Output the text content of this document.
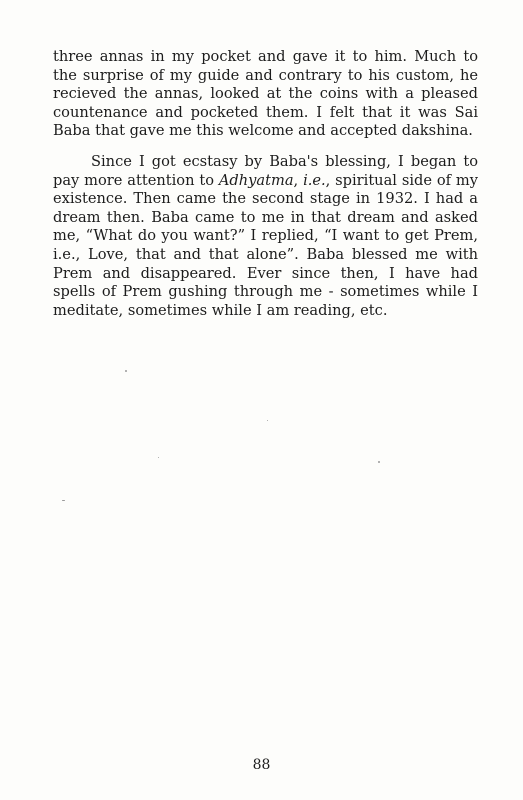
three annas in my pocket and gave it to him. Much to the surprise of my guide and contrary to his custom, he recieved the annas, looked at the coins with a pleased countenance and pocketed them. I felt that it was Sai Baba that gave me this welcome and accepted dakshina.

Since I got ecstasy by Baba's blessing, I began to pay more attention to Adhyatma, i.e., spiritual side of my existence. Then came the second stage in 1932. I had a dream then. Baba came to me in that dream and asked me, “What do you want?” I replied, “I want to get Prem, i.e., Love, that and that alone”. Baba blessed me with Prem and disappeared. Ever since then, I have had spells of Prem gushing through me - sometimes while I meditate, sometimes while I am reading, etc.

88
